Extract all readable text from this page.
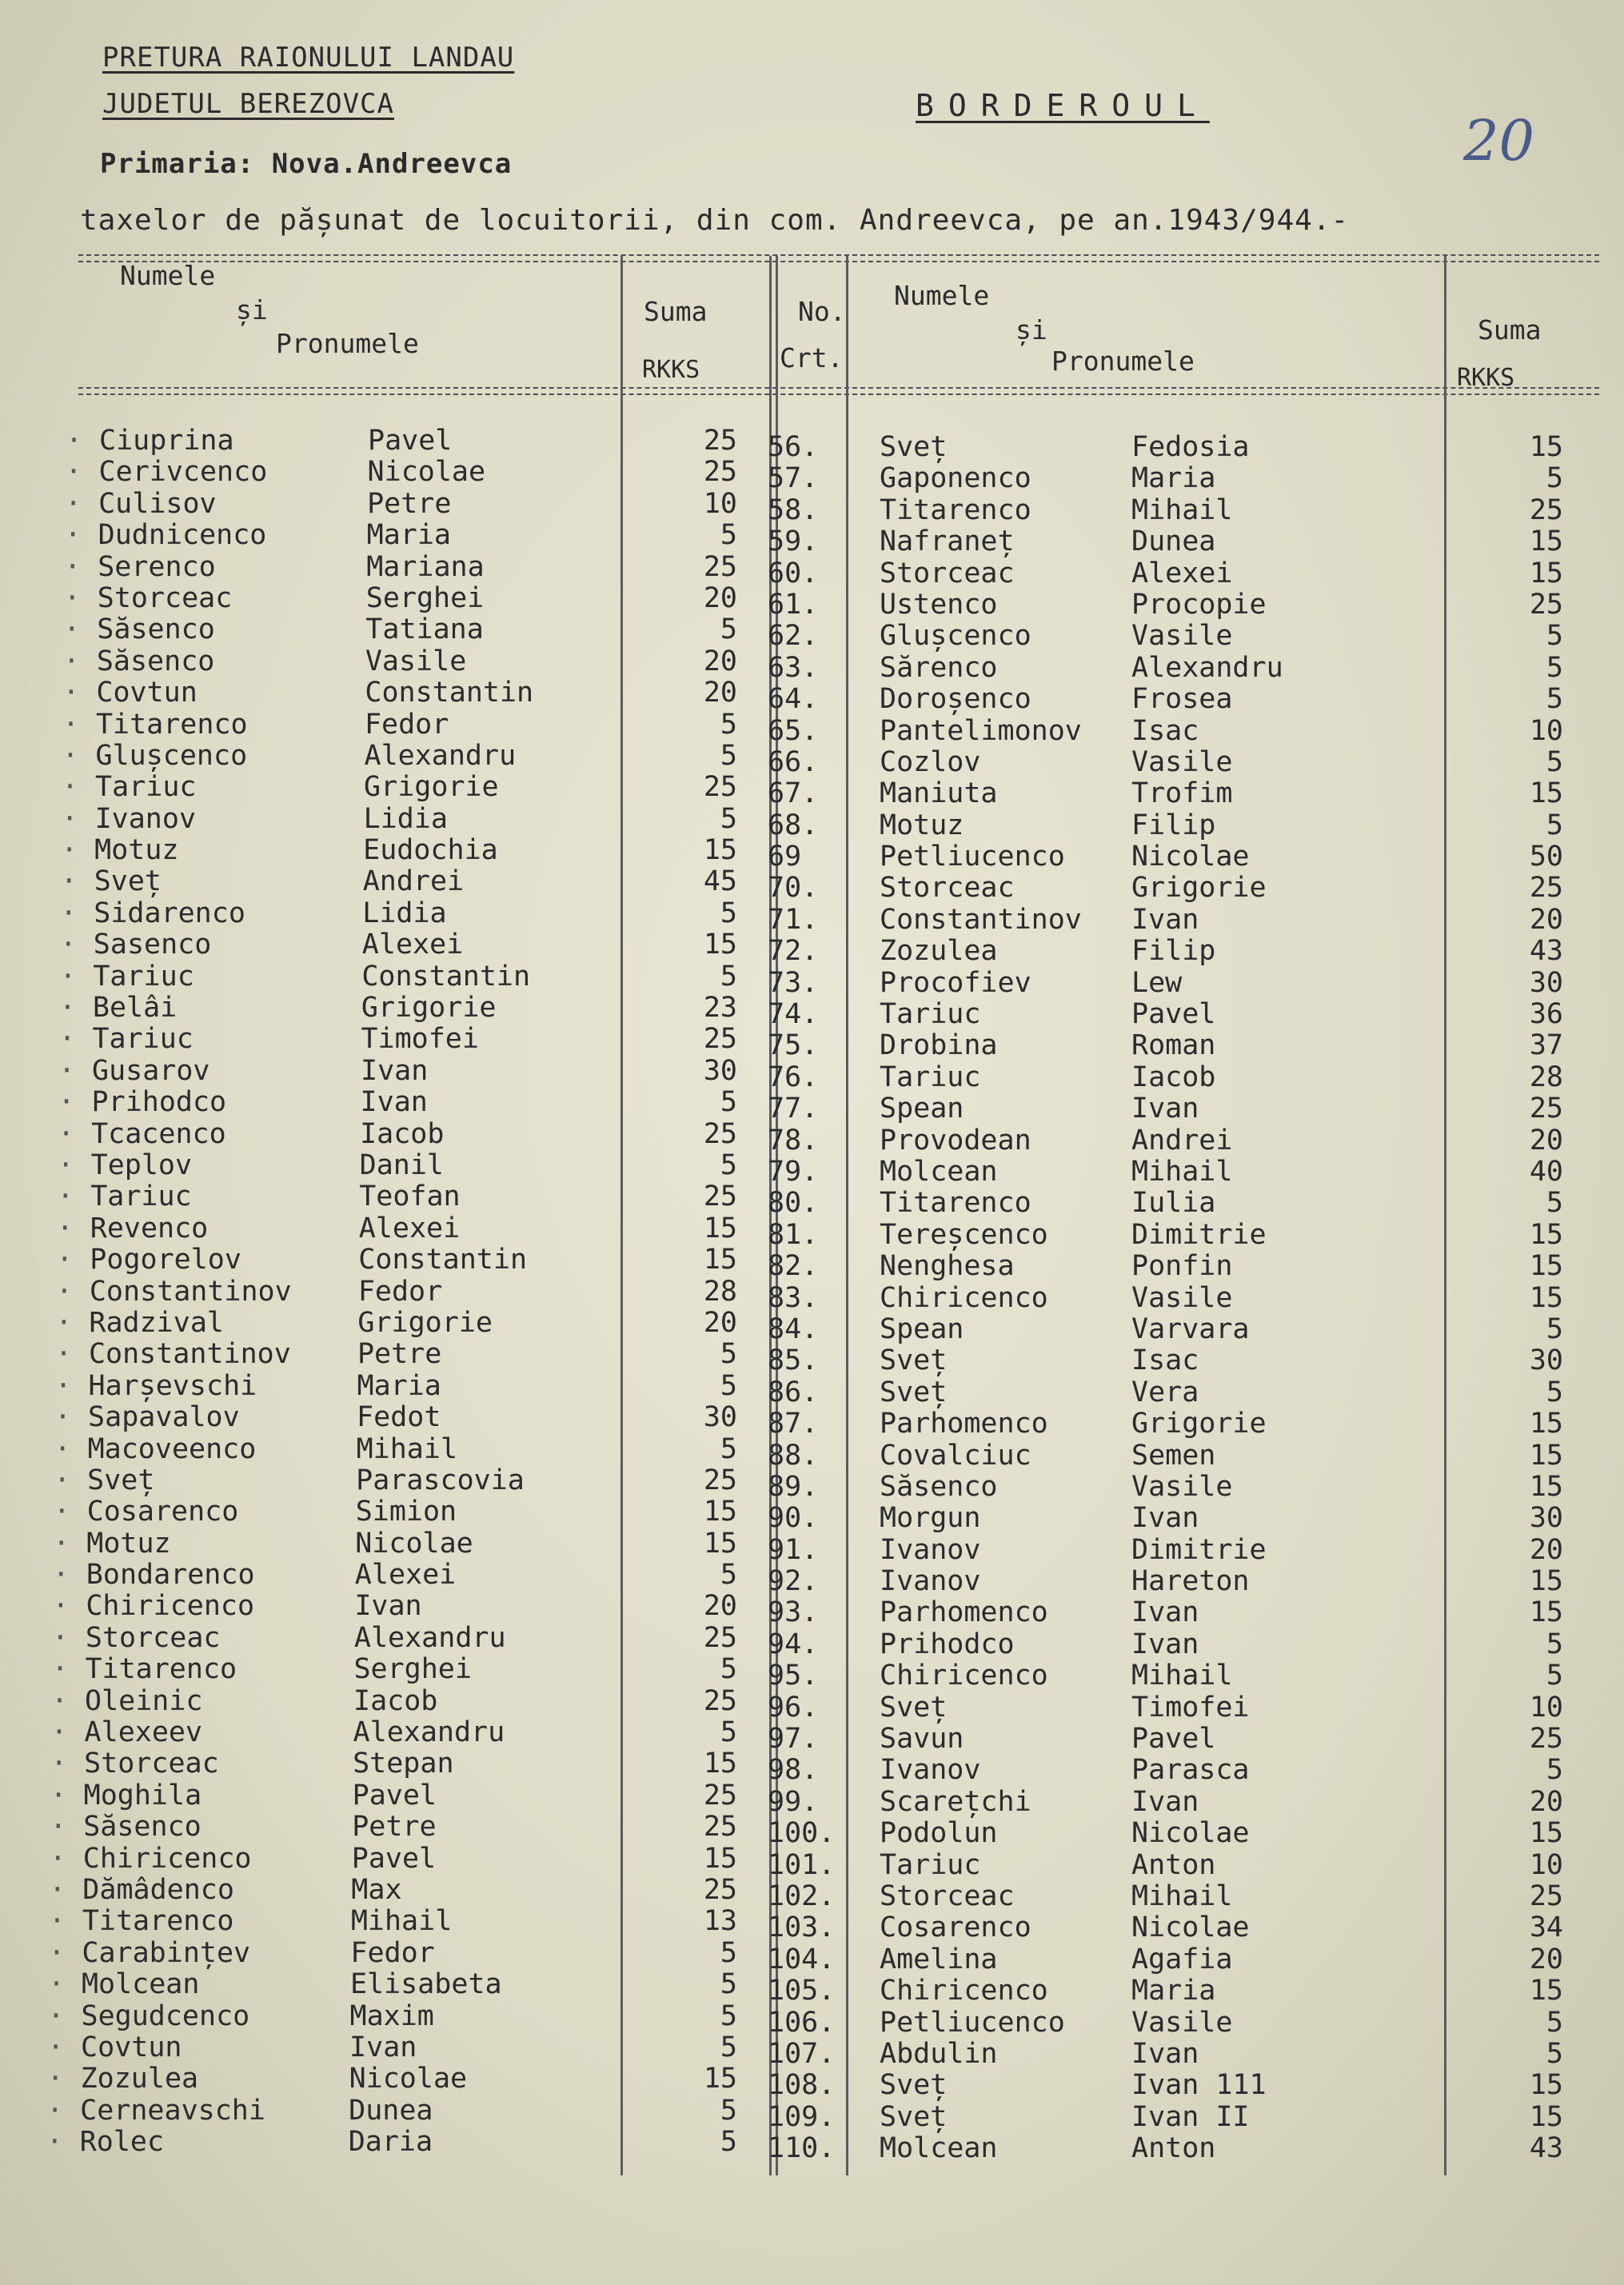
PRETURA RAIONULUI LANDAU
JUDETUL BEREZOVCA	BORDEROUL
20
Primaria: Nova.Andreevca
taxelor de pășunat de locuitorii, din com. Andreevca, pe an.1943/944.-
Numele
și
Pronumele
Suma
RKKS
No.
Crt.
Numele
și
Pronumele
Suma
RKKS
· Ciuprina	Pavel	25
· Cerivcenco	Nicolae	25
· Culisov	Petre	10
· Dudnicenco	Maria	5
· Serenco	Mariana	25
· Storceac	Serghei	20
· Săsenco	Tatiana	5
· Săsenco	Vasile	20
· Covtun	Constantin	20
· Titarenco	Fedor	5
· Glușcenco	Alexandru	5
· Tariuc	Grigorie	25
· Ivanov	Lidia	5
· Motuz	Eudochia	15
· Sveț	Andrei	45
· Sidarenco	Lidia	5
· Sasenco	Alexei	15
· Tariuc	Constantin	5
· Belâi	Grigorie	23
· Tariuc	Timofei	25
· Gusarov	Ivan	30
· Prihodco	Ivan	5
· Tcacenco	Iacob	25
· Teplov	Danil	5
· Tariuc	Teofan	25
· Revenco	Alexei	15
· Pogorelov	Constantin	15
· Constantinov Fedor	28
· Radzival	Grigorie	20
· Constantinov Petre	5
· Harșevschi	Maria	5
· Sapavalov	Fedot	30
· Macoveenco	Mihail	5
· Sveț	Parascovia	25
· Cosarenco	Simion	15
· Motuz	Nicolae	15
· Bondarenco	Alexei	5
· Chiricenco	Ivan	20
· Storceac	Alexandru	25
· Titarenco	Serghei	5
· Oleinic	Iacob	25
· Alexeev	Alexandru	5
· Storceac	Stepan	15
· Moghila	Pavel	25
· Săsenco	Petre	25
· Chiricenco	Pavel	15
· Dămâdenco	Max	25
· Titarenco	Mihail	13
· Carabințev	Fedor	5
· Molcean	Elisabeta	5
· Segudcenco	Maxim	5
· Covtun	Ivan	5
· Zozulea	Nicolae	15
· Cerneavschi	Dunea	5
· Rolec	Daria	5
56. Sveț	Fedosia	15
57. Gaponenco	Maria	5
58. Titarenco	Mihail	25
59. Nafraneț	Dunea	15
60. Storceac	Alexei	15
61. Ustenco	Procopie	25
62. Glușcenco	Vasile	5
63. Sărenco	Alexandru	5
64. Doroșenco	Frosea	5
65. Pantelimonov Isac	10
66. Cozlov	Vasile	5
67. Maniuta	Trofim	15
68. Motuz	Filip	5
69	Petliucenco Nicolae	50
70. Storceac	Grigorie	25
71. Constantinov Ivan	20
72. Zozulea	Filip	43
73. Procofiev	Lew	30
74. Tariuc	Pavel	36
75. Drobina	Roman	37
76. Tariuc	Iacob	28
77. Spean	Ivan	25
78. Provodean	Andrei	20
79. Molcean	Mihail	40
80. Titarenco	Iulia	5
81. Tereșcenco	Dimitrie	15
82. Nenghesa	Ponfin	15
83. Chiricenco	Vasile	15
84. Spean	Varvara	5
85. Sveț	Isac	30
86. Sveț	Vera	5
87. Parhomenco	Grigorie	15
88. Covalciuc	Semen	15
89. Săsenco	Vasile	15
90. Morgun	Ivan	30
91. Ivanov	Dimitrie	20
92. Ivanov	Hareton	15
93. Parhomenco	Ivan	15
94. Prihodco	Ivan	5
95. Chiricenco	Mihail	5
96. Sveț	Timofei	10
97. Savun	Pavel	25
98. Ivanov	Parasca	5
99. Scarețchi	Ivan	20
100. Podolun	Nicolae	15
101. Tariuc	Anton	10
102. Storceac	Mihail	25
103. Cosarenco	Nicolae	34
104. Amelina	Agafia	20
105. Chiricenco	Maria	15
106. Petliucenco Vasile	5
107. Abdulin	Ivan	5
108. Sveț	Ivan 111	15
109. Sveț	Ivan II	15
110. Molcean	Anton	43
